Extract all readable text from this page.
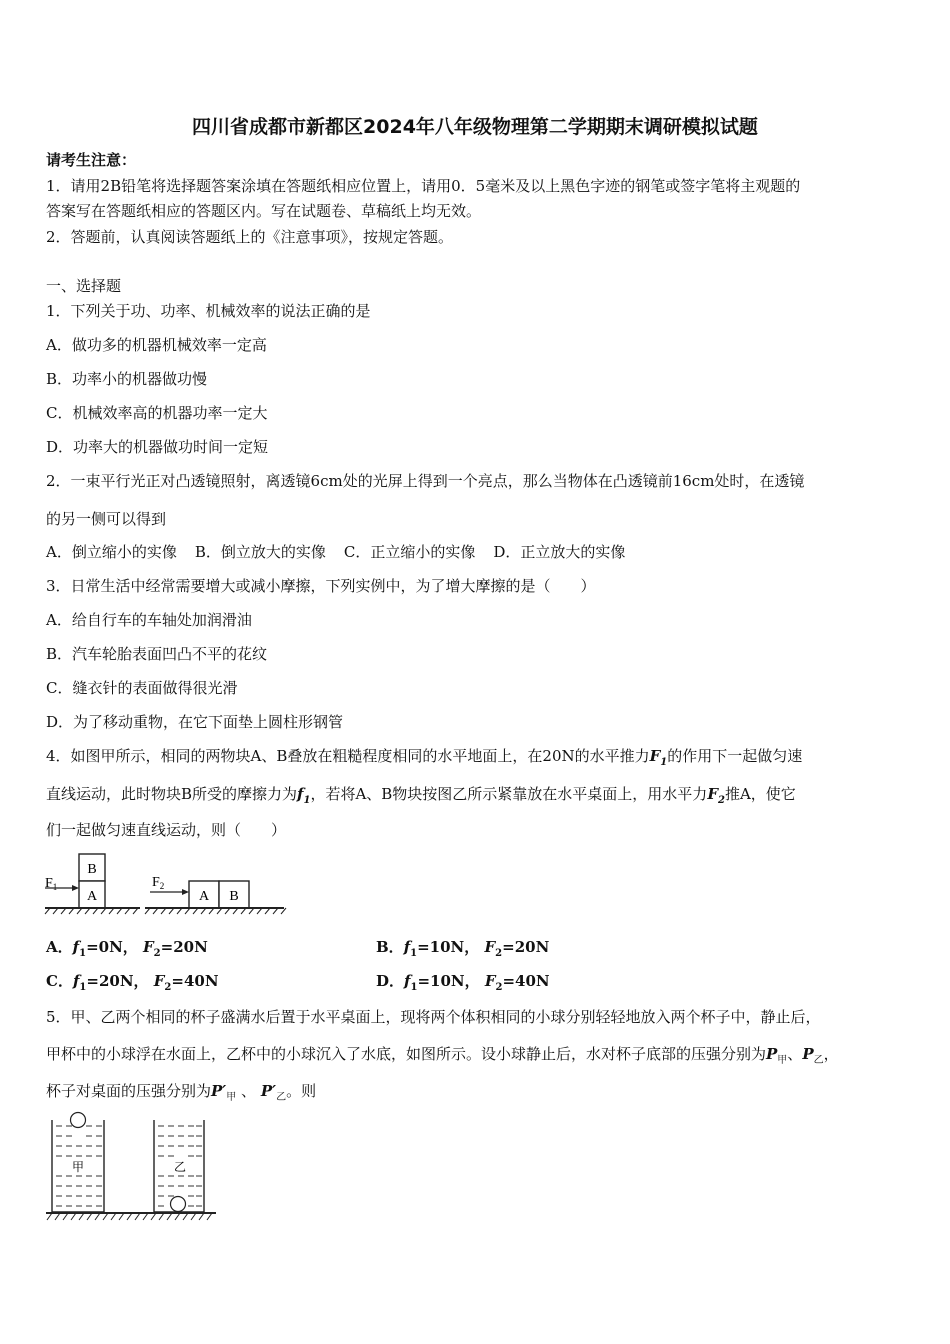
四川省成都市新都区2024年八年级物理第二学期期末调研模拟试题
请考生注意：
1．请用2B铅笔将选择题答案涂填在答题纸相应位置上，请用0．5毫米及以上黑色字迹的钢笔或签字笔将主观题的
答案写在答题纸相应的答题区内。写在试题卷、草稿纸上均无效。
2．答题前，认真阅读答题纸上的《注意事项》，按规定答题。
一、选择题
1．下列关于功、功率、机械效率的说法正确的是
A．做功多的机器机械效率一定高
B．功率小的机器做功慢
C．机械效率高的机器功率一定大
D．功率大的机器做功时间一定短
2．一束平行光正对凸透镜照射，离透镜6cm处的光屏上得到一个亮点，那么当物体在凸透镜前16cm处时，在透镜
的另一侧可以得到
A．倒立缩小的实像 B．倒立放大的实像 C．正立缩小的实像 D．正立放大的实像
3．日常生活中经常需要增大或减小摩擦，下列实例中，为了增大摩擦的是（　　）
A．给自行车的车轴处加润滑油
B．汽车轮胎表面凹凸不平的花纹
C．缝衣针的表面做得很光滑
D．为了移动重物，在它下面垫上圆柱形钢管
4．如图甲所示，相同的两物块A、B叠放在粗糙程度相同的水平地面上，在20N的水平推力$F_1$的作用下一起做匀速
直线运动，此时物块B所受的摩擦力为$f_1$，若将A、B物块按图乙所示紧靠放在水平桌面上，用水平力$F_2$推A，使它
们一起做匀速直线运动，则（　　）
$F_1$
B
A
$F_2$
A B
A．$f_1=0N$， $F_2=20N$	B．$f_1=10N$， $F_2=20N$
C．$f_1=20N$， $F_2=40N$	D．$f_1=10N$， $F_2=40N$
5．甲、乙两个相同的杯子盛满水后置于水平桌面上，现将两个体积相同的小球分别轻轻地放入两个杯子中，静止后，
甲杯中的小球浮在水面上，乙杯中的小球沉入了水底，如图所示。设小球静止后，水对杯子底部的压强分别为$P_甲$、$P_乙$，
杯子对桌面的压强分别为$P'_甲$ 、 $P'_乙$。则
甲	乙
